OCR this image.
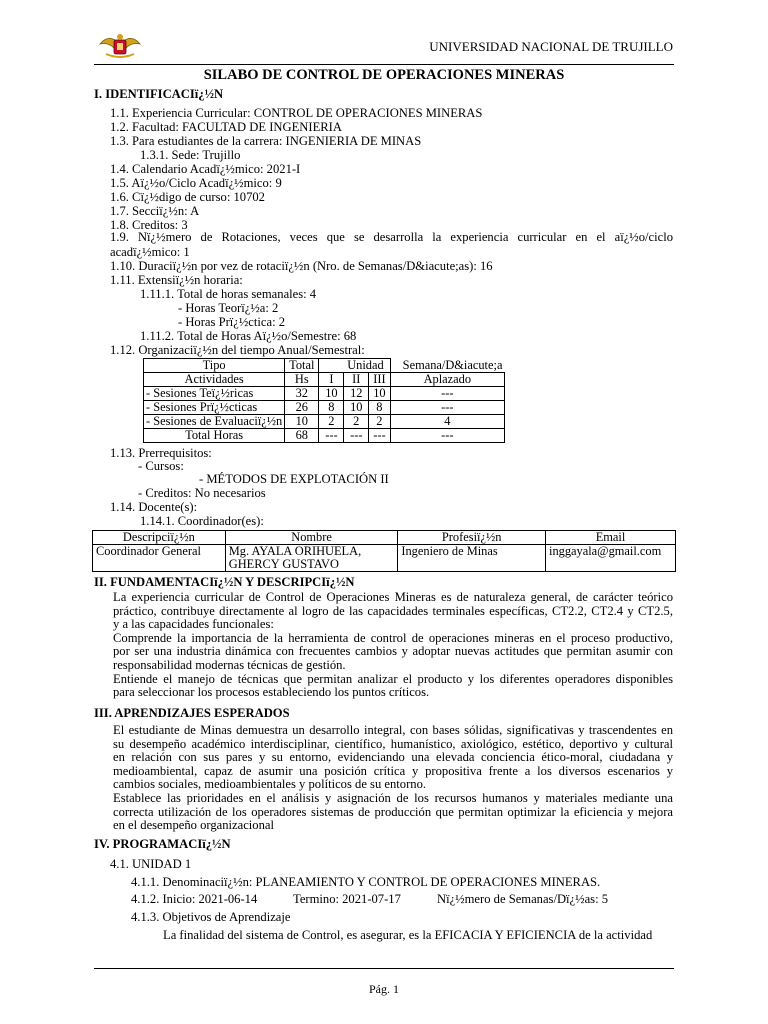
UNIVERSIDAD NACIONAL DE TRUJILLO
SILABO DE CONTROL DE OPERACIONES MINERAS
I. IDENTIFICACIï¿½N
1.1. Experiencia Curricular: CONTROL DE OPERACIONES MINERAS
1.2. Facultad: FACULTAD DE INGENIERIA
1.3. Para estudiantes de la carrera: INGENIERIA DE MINAS
1.3.1. Sede: Trujillo
1.4. Calendario Acadï¿½mico: 2021-I
1.5. Aï¿½o/Ciclo Acadï¿½mico: 9
1.6. Cï¿½digo de curso: 10702
1.7. Secciï¿½n: A
1.8. Creditos: 3

1.9. Nï¿½mero de Rotaciones, veces que se desarrolla la experiencia curricular en el aï¿½o/ciclo

acadï¿½mico: 1
1.10. Duraciï¿½n por vez de rotaciï¿½n (Nro. de Semanas/D&iacute;as): 16
1.11. Extensiï¿½n horaria:
1.11.1. Total de horas semanales: 4
- Horas Teorï¿½a: 2
- Horas Prï¿½ctica: 2
1.11.2. Total de Horas Aï¿½o/Semestre: 68
1.12. Organizaciï¿½n del tiempo Anual/Semestral:
Tipo	Total	Unidad			Semana/D&iacute;a
Actividades	Hs	I	II	III	Aplazado
- Sesiones Teï¿½ricas	32	10	12	10	---
- Sesiones Prï¿½cticas	26	8	10	8	---
- Sesiones de Evaluaciï¿½n	10	2	2	2	4
Total Horas	68	---	---	---	---
1.13. Prerrequisitos:
- Cursos:
- MÉTODOS DE EXPLOTACIÓN II
- Creditos: No necesarios
1.14. Docente(s):
1.14.1. Coordinador(es):
Descripciï¿½n	Nombre	Profesiï¿½n	Email
Coordinador General	Mg. AYALA ORIHUELA,
GHERCY GUSTAVO	Ingeniero de Minas	inggayala@gmail.com
II. FUNDAMENTACIï¿½N Y DESCRIPCIï¿½N

La experiencia curricular de Control de Operaciones Mineras es de naturaleza general, de carácter teórico

práctico, contribuye directamente al logro de las capacidades terminales específicas, CT2.2, CT2.4 y CT2.5,

y a las capacidades funcionales:

Comprende la importancia de la herramienta de control de operaciones mineras en el proceso productivo,

por ser una industria dinámica con frecuentes cambios y adoptar nuevas actitudes que permitan asumir con

responsabilidad modernas técnicas de gestión.

Entiende el manejo de técnicas que permitan analizar el producto y los diferentes operadores disponibles

para seleccionar los procesos estableciendo los puntos críticos.

III. APRENDIZAJES ESPERADOS

El estudiante de Minas demuestra un desarrollo integral, con bases sólidas, significativas y trascendentes en

su desempeño académico interdisciplinar, científico, humanístico, axiológico, estético, deportivo y cultural

en relación con sus pares y su entorno, evidenciando una elevada conciencia ético-moral, ciudadana y

medioambiental, capaz de asumir una posición crítica y propositiva frente a los diversos escenarios y

cambios sociales, medioambientales y políticos de su entorno.

Establece las prioridades en el análisis y asignación de los recursos humanos y materiales mediante una

correcta utilización de los operadores sistemas de producción que permitan optimizar la eficiencia y mejora

en el desempeño organizacional

IV. PROGRAMACIï¿½N
4.1. UNIDAD 1
4.1.1. Denominaciï¿½n: PLANEAMIENTO Y CONTROL DE OPERACIONES MINERAS.
4.1.2. Inicio: 2021-06-14	Termino: 2021-07-17	Nï¿½mero de Semanas/Dï¿½as: 5
4.1.3. Objetivos de Aprendizaje
La finalidad del sistema de Control, es asegurar, es la EFICACIA Y EFICIENCIA de la actividad
Pág. 1
